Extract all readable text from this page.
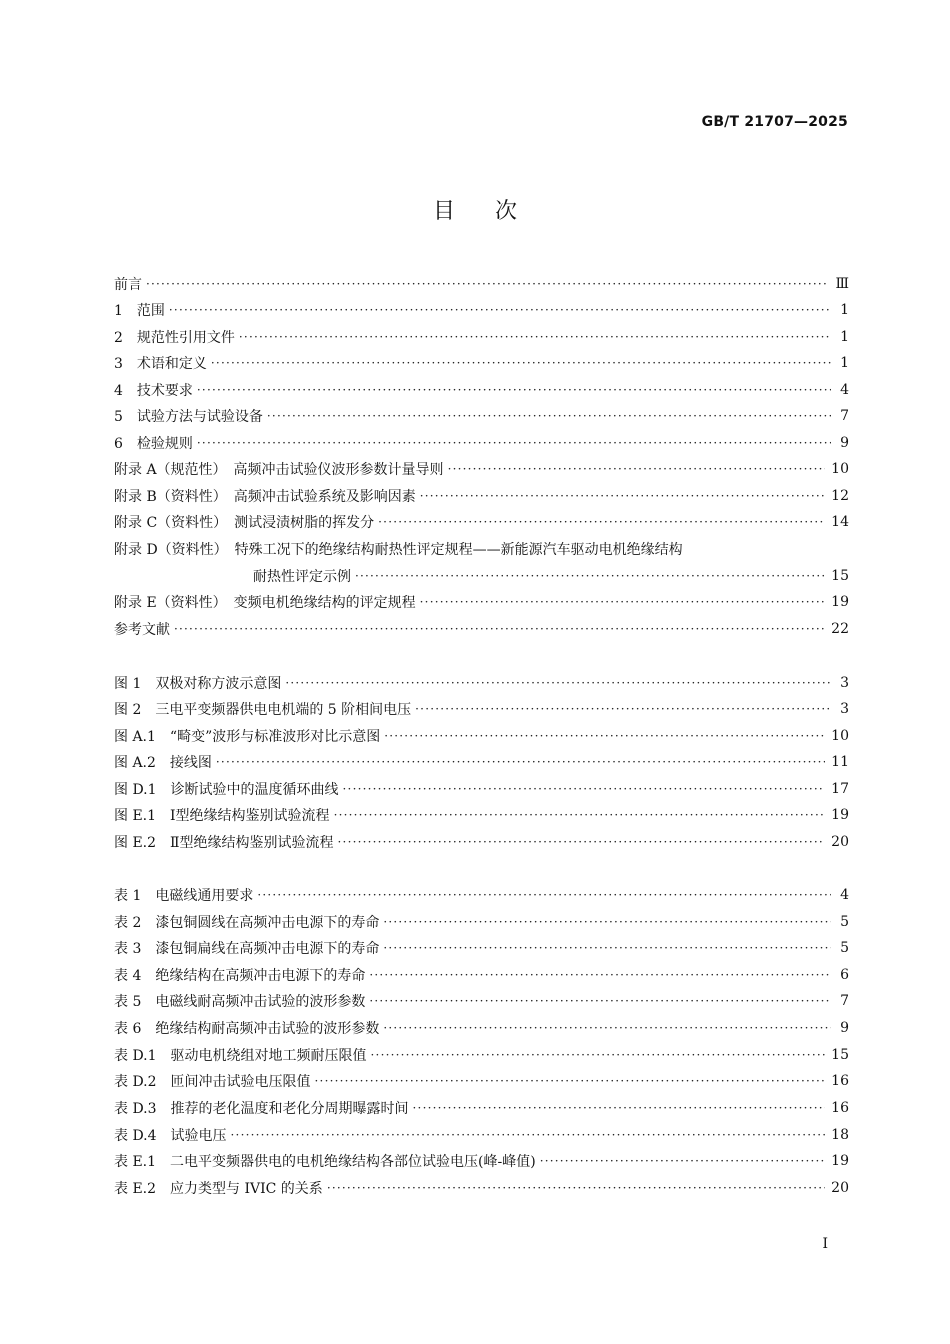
GB/T 21707—2025
目 次
前言 ·····	Ⅲ
1　范围 ·····	1
2　规范性引用文件 ·····	1
3　术语和定义 ·····	1
4　技术要求 ·····	4
5　试验方法与试验设备 ·····	7
6　检验规则 ·····	9
附录 A（规范性）　高频冲击试验仪波形参数计量导则 ·····	10
附录 B（资料性）　高频冲击试验系统及影响因素 ·····	12
附录 C（资料性）　测试浸渍树脂的挥发分 ·····	14
附录 D（资料性）　特殊工况下的绝缘结构耐热性评定规程——新能源汽车驱动电机绝缘结构
耐热性评定示例 ·····	15
附录 E（资料性）　变频电机绝缘结构的评定规程 ·····	19
参考文献 ·····	22
图 1　双极对称方波示意图 ·····	3
图 2　三电平变频器供电电机端的 5 阶相间电压 ·····	3
图 A.1　“畸变”波形与标准波形对比示意图 ·····	10
图 A.2　接线图 ·····	11
图 D.1　诊断试验中的温度循环曲线 ·····	17
图 E.1　Ⅰ型绝缘结构鉴别试验流程 ·····	19
图 E.2　Ⅱ型绝缘结构鉴别试验流程 ·····	20
表 1　电磁线通用要求 ·····	4
表 2　漆包铜圆线在高频冲击电源下的寿命 ·····	5
表 3　漆包铜扁线在高频冲击电源下的寿命 ·····	5
表 4　绝缘结构在高频冲击电源下的寿命 ·····	6
表 5　电磁线耐高频冲击试验的波形参数 ·····	7
表 6　绝缘结构耐高频冲击试验的波形参数 ·····	9
表 D.1　驱动电机绕组对地工频耐压限值 ·····	15
表 D.2　匝间冲击试验电压限值 ·····	16
表 D.3　推荐的老化温度和老化分周期曝露时间 ·····	16
表 D.4　试验电压 ·····	18
表 E.1　二电平变频器供电的电机绝缘结构各部位试验电压(峰-峰值) ·····	19
表 E.2　应力类型与 IVIC 的关系 ·····	20
Ⅰ
